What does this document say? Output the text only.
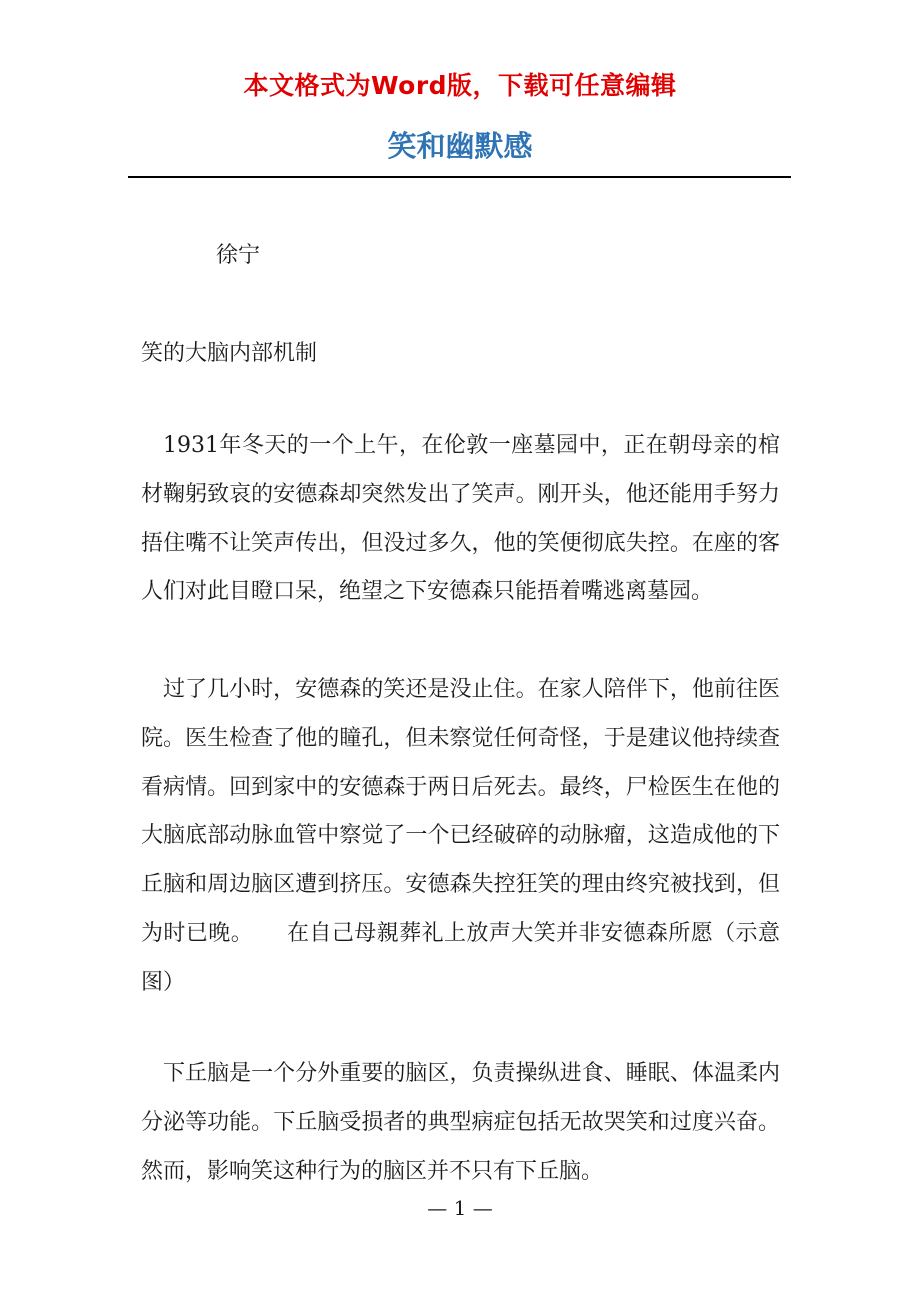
本文格式为Word版，下载可任意编辑
笑和幽默感
徐宁
笑的大脑内部机制

1931年冬天的一个上午，在伦敦一座墓园中，正在朝母亲的棺材鞠躬致哀的安德森却突然发出了笑声。刚开头，他还能用手努力捂住嘴不让笑声传出，但没过多久，他的笑便彻底失控。在座的客人们对此目瞪口呆，绝望之下安德森只能捂着嘴逃离墓园。

过了几小时，安德森的笑还是没止住。在家人陪伴下，他前往医院。医生检查了他的瞳孔，但未察觉任何奇怪，于是建议他持续查看病情。回到家中的安德森于两日后死去。最终，尸检医生在他的大脑底部动脉血管中察觉了一个已经破碎的动脉瘤，这造成他的下丘脑和周边脑区遭到挤压。安德森失控狂笑的理由终究被找到，但为时已晚。　　在自己母親葬礼上放声大笑并非安德森所愿（示意图）

下丘脑是一个分外重要的脑区，负责操纵进食、睡眠、体温柔内分泌等功能。下丘脑受损者的典型病症包括无故哭笑和过度兴奋。然而，影响笑这种行为的脑区并不只有下丘脑。

— 1 —
